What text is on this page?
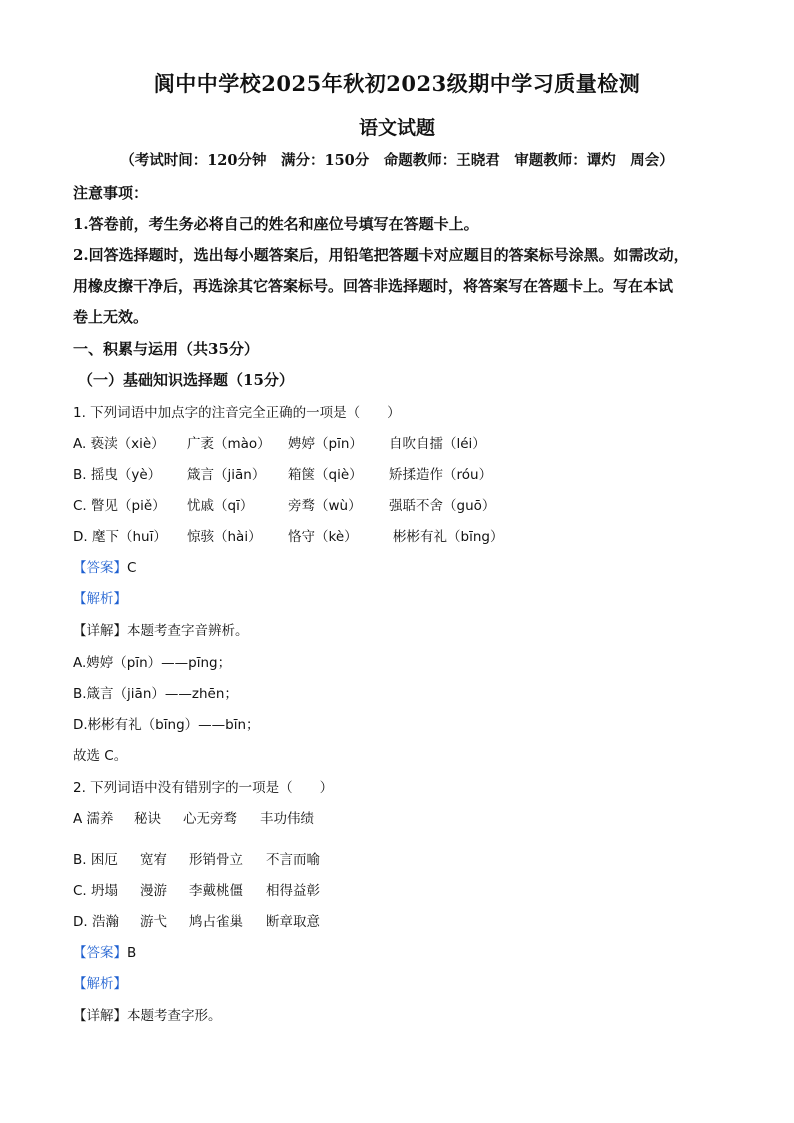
阆中中学校2025年秋初2023级期中学习质量检测
语文试题
（考试时间：120分钟　满分：150分　命题教师：王晓君　审题教师：谭灼　周会）
注意事项：
1.答卷前，考生务必将自己的姓名和座位号填写在答题卡上。
2.回答选择题时，选出每小题答案后，用铅笔把答题卡对应题目的答案标号涂黑。如需改动，
用橡皮擦干净后，再选涂其它答案标号。回答非选择题时，将答案写在答题卡上。写在本试
卷上无效。
一、积累与运用（共35分）
（一）基础知识选择题（15分）
1. 下列词语中加点字的注音完全正确的一项是（　　）
A. 亵渎（xiè） 广袤（mào） 娉婷（pīn） 自吹自擂（léi）
B. 摇曳（yè） 箴言（jiān） 箱箧（qiè） 矫揉造作（róu）
C. 瞥见（piě） 忧戚（qī）	旁骛（wù） 强聒不舍（guō）
D. 麾下（huī） 惊骇（hài） 恪守（kè）	彬彬有礼（bīng）
【答案】C
【解析】
【详解】本题考查字音辨析。
A.娉婷（pīn）——pīng；
B.箴言（jiān）——zhēn；
D.彬彬有礼（bīng）——bīn；
故选 C。
2. 下列词语中没有错别字的一项是（　　）
A 濡养 秘诀 心无旁骛 丰功伟绩
B. 困厄 宽宥 形销骨立 不言而喻
C. 坍塌 漫游 李戴桃僵 相得益彰
D. 浩瀚 游弋 鸠占雀巢 断章取意
【答案】B
【解析】
【详解】本题考查字形。
